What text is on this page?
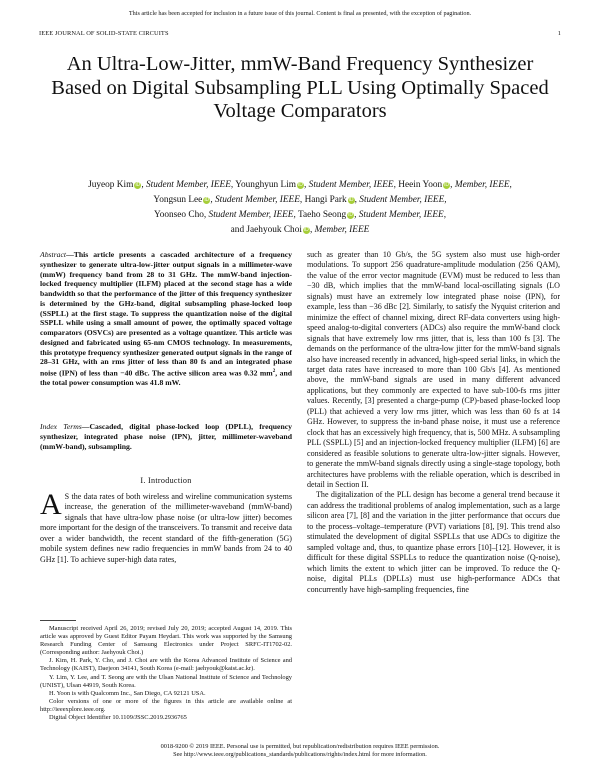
This article has been accepted for inclusion in a future issue of this journal. Content is final as presented, with the exception of pagination.
IEEE JOURNAL OF SOLID-STATE CIRCUITS	1
An Ultra-Low-Jitter, mmW-Band Frequency Synthesizer Based on Digital Subsampling PLL Using Optimally Spaced Voltage Comparators
Juyeop Kim iD, Student Member, IEEE, Younghyun Lim iD, Student Member, IEEE, Heein Yoon iD, Member, IEEE,
Yongsun Lee iD, Student Member, IEEE, Hangi Park iD, Student Member, IEEE,
Yoonseo Cho, Student Member, IEEE, Taeho Seong iD, Student Member, IEEE,
and Jaehyouk Choi iD, Member, IEEE
Abstract—This article presents a cascaded architecture of a frequency synthesizer to generate ultra-low-jitter output signals in a millimeter-wave (mmW) frequency band from 28 to 31 GHz. The mmW-band injection-locked frequency multiplier (ILFM) placed at the second stage has a wide bandwidth so that the performance of the jitter of this frequency synthesizer is determined by the GHz-band, digital subsampling phase-locked loop (SSPLL) at the first stage. To suppress the quantization noise of the digital SSPLL while using a small amount of power, the optimally spaced voltage comparators (OSVCs) are presented as a voltage quantizer. This article was designed and fabricated using 65-nm CMOS technology. In measurements, this prototype frequency synthesizer generated output signals in the range of 28–31 GHz, with an rms jitter of less than 80 fs and an integrated phase noise (IPN) of less than −40 dBc. The active silicon area was 0.32 $mm^2$, and the total power consumption was 41.8 mW.
Index Terms—Cascaded, digital phase-locked loop (DPLL), frequency synthesizer, integrated phase noise (IPN), jitter, millimeter-waveband (mmW-band), subsampling.
I. Introduction
A S the data rates of both wireless and wireline communication systems increase, the generation of the millimeter-waveband (mmW-band) signals that have ultra-low phase noise (or ultra-low jitter) becomes more important for the design of the transceivers. To transmit and receive data over a wider bandwidth, the recent standard of the fifth-generation (5G) mobile system defines new radio frequencies in mmW bands from 24 to 40 GHz [1]. To achieve super-high data rates,

Manuscript received April 26, 2019; revised July 20, 2019; accepted August 14, 2019. This article was approved by Guest Editor Payam Heydari. This work was supported by the Samsung Research Funding Center of Samsung Electronics under Project SRFC-IT1702-02. (Corresponding author: Jaehyouk Choi.)

J. Kim, H. Park, Y. Cho, and J. Choi are with the Korea Advanced Institute of Science and Technology (KAIST), Daejeon 34141, South Korea (e-mail: jaehyouk@kaist.ac.kr).

Y. Lim, Y. Lee, and T. Seong are with the Ulsan National Institute of Science and Technology (UNIST), Ulsan 44919, South Korea.

H. Yoon is with Qualcomm Inc., San Diego, CA 92121 USA.

Color versions of one or more of the figures in this article are available online at http://ieeexplore.ieee.org.

Digital Object Identifier 10.1109/JSSC.2019.2936765

such as greater than 10 Gb/s, the 5G system also must use high-order modulations. To support 256 quadrature-amplitude modulation (256 QAM), the value of the error vector magnitude (EVM) must be reduced to less than −30 dB, which implies that the mmW-band local-oscillating signals (LO signals) must have an extremely low integrated phase noise (IPN), for example, less than −36 dBc [2]. Similarly, to satisfy the Nyquist criterion and minimize the effect of channel mixing, direct RF-data converters using high-speed analog-to-digital converters (ADCs) also require the mmW-band clock signals that have extremely low rms jitter, that is, less than 100 fs [3]. The demands on the performance of the ultra-low jitter for the mmW-band signals also have increased recently in advanced, high-speed serial links, in which the target data rates have increased to more than 100 Gb/s [4]. As mentioned above, the mmW-band signals are used in many different advanced applications, but they commonly are expected to have sub-100-fs rms jitter values. Recently, [3] presented a charge-pump (CP)-based phase-locked loop (PLL) that achieved a very low rms jitter, which was less than 60 fs at 14 GHz. However, to suppress the in-band phase noise, it must use a reference clock that has an excessively high frequency, that is, 500 MHz. A subsampling PLL (SSPLL) [5] and an injection-locked frequency multiplier (ILFM) [6] are considered as feasible solutions to generate ultra-low-jitter signals. However, to generate the mmW-band signals directly using a single-stage topology, both architectures have problems with the reliable operation, which is described in detail in Section II.

The digitalization of the PLL design has become a general trend because it can address the traditional problems of analog implementation, such as a large silicon area [7], [8] and the variation in the jitter performance that occurs due to the process–voltage–temperature (PVT) variations [8], [9]. This trend also stimulated the development of digital SSPLLs that use ADCs to digitize the sampled voltage and, thus, to quantize phase errors [10]–[12]. However, it is difficult for these digital SSPLLs to reduce the quantization noise (Q-noise), which limits the extent to which jitter can be improved. To reduce the Q-noise, digital PLLs (DPLLs) must use high-performance ADCs that concurrently have high-sampling frequencies, fine

0018-9200 © 2019 IEEE. Personal use is permitted, but republication/redistribution requires IEEE permission.
See http://www.ieee.org/publications_standards/publications/rights/index.html for more information.
